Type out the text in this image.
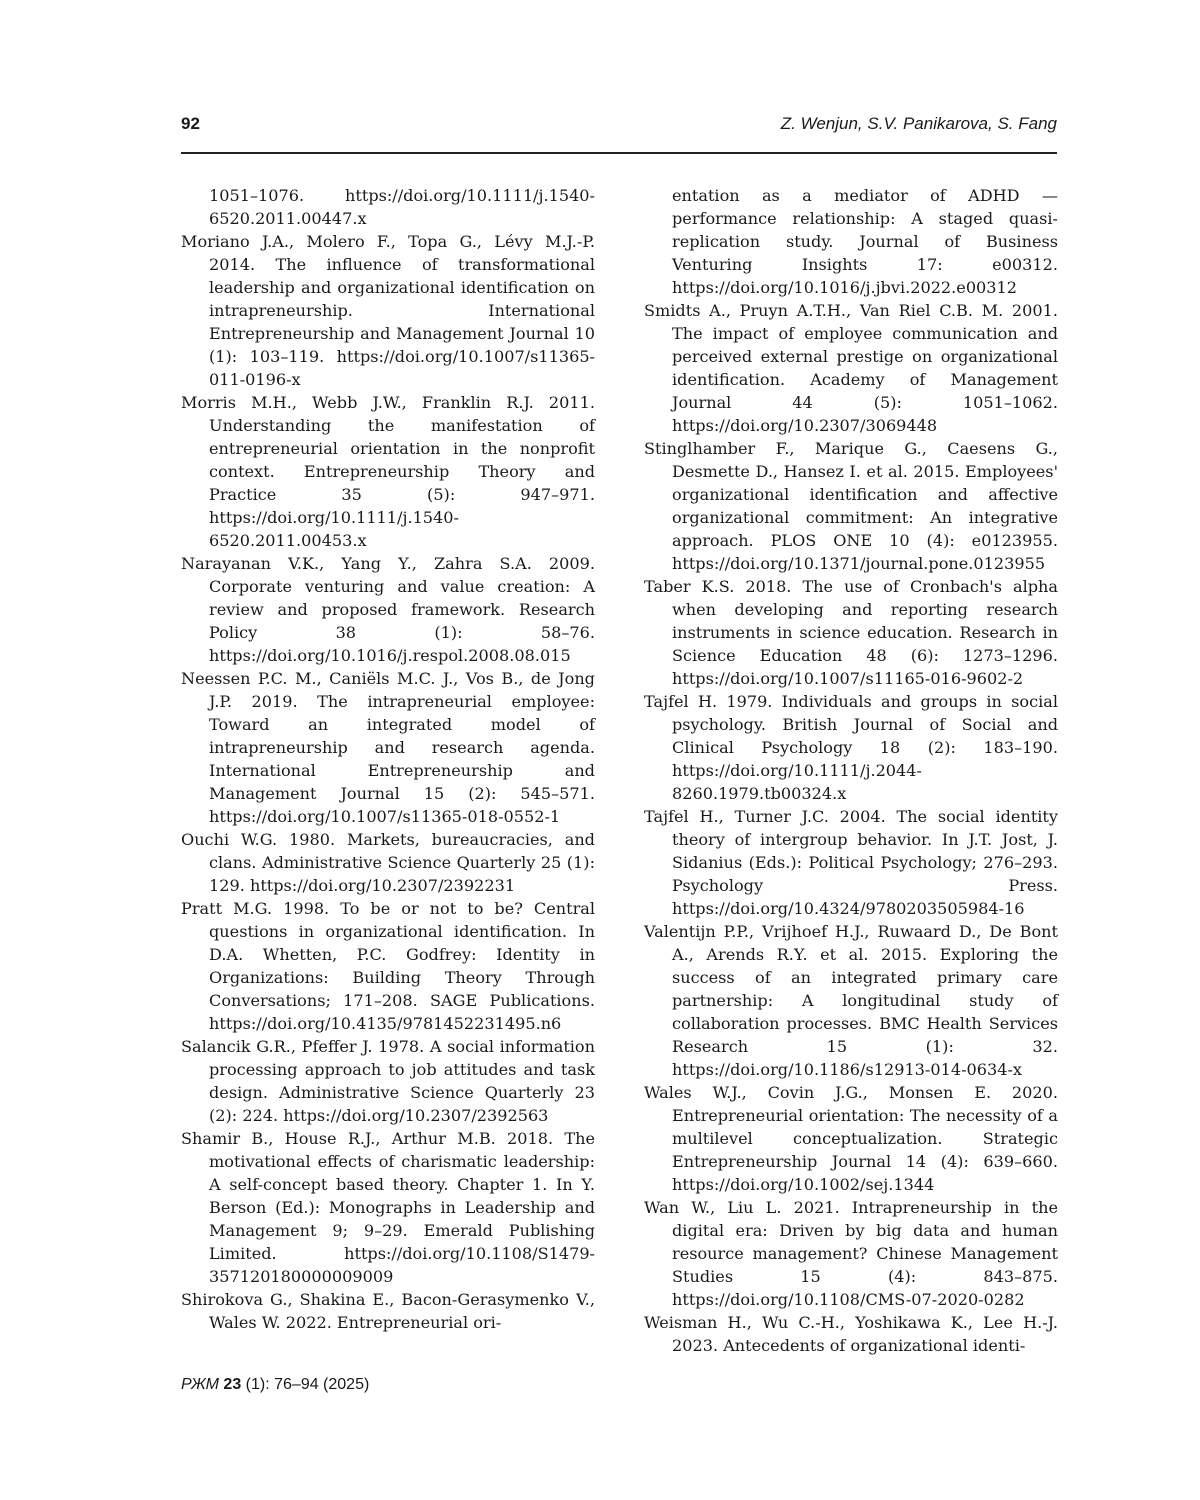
92	Z. Wenjun, S.V. Panikarova, S. Fang

1051–1076. https://doi.org/10.1111/j.1540-6520.2011.00447.x

Moriano J.A., Molero F., Topa G., Lévy M.J.-P. 2014. The influence of transformational leadership and organizational identification on intrapreneurship. International Entrepreneurship and Management Journal 10 (1): 103–119. https://doi.org/10.1007/s11365-011-0196-x

Morris M.H., Webb J.W., Franklin R.J. 2011. Understanding the manifestation of entrepreneurial orientation in the nonprofit context. Entrepreneurship Theory and Practice 35 (5): 947–971. https://doi.org/10.1111/j.1540-6520.2011.00453.x

Narayanan V.K., Yang Y., Zahra S.A. 2009. Corporate venturing and value creation: A review and proposed framework. Research Policy 38 (1): 58–76. https://doi.org/10.1016/j.respol.2008.08.015

Neessen P.C. M., Caniëls M.C. J., Vos B., de Jong J.P. 2019. The intrapreneurial employee: Toward an integrated model of intrapreneurship and research agenda. International Entrepreneurship and Management Journal 15 (2): 545–571. https://doi.org/10.1007/s11365-018-0552-1

Ouchi W.G. 1980. Markets, bureaucracies, and clans. Administrative Science Quarterly 25 (1): 129. https://doi.org/10.2307/2392231

Pratt M.G. 1998. To be or not to be? Central questions in organizational identification. In D.A. Whetten, P.C. Godfrey: Identity in Organizations: Building Theory Through Conversations; 171–208. SAGE Publications. https://doi.org/10.4135/9781452231495.n6

Salancik G.R., Pfeffer J. 1978. A social information processing approach to job attitudes and task design. Administrative Science Quarterly 23 (2): 224. https://doi.org/10.2307/2392563

Shamir B., House R.J., Arthur M.B. 2018. The motivational effects of charismatic leadership: A self-concept based theory. Chapter 1. In Y. Berson (Ed.): Monographs in Leadership and Management 9; 9–29. Emerald Publishing Limited. https://doi.org/10.1108/S1479-357120180000009009

Shirokova G., Shakina E., Bacon-Gerasymenko V., Wales W. 2022. Entrepreneurial ori-

entation as a mediator of ADHD — performance relationship: A staged quasi-replication study. Journal of Business Venturing Insights 17: e00312. https://doi.org/10.1016/j.jbvi.2022.e00312

Smidts A., Pruyn A.T.H., Van Riel C.B. M. 2001. The impact of employee communication and perceived external prestige on organizational identification. Academy of Management Journal 44 (5): 1051–1062. https://doi.org/10.2307/3069448

Stinglhamber F., Marique G., Caesens G., Desmette D., Hansez I. et al. 2015. Employees' organizational identification and affective organizational commitment: An integrative approach. PLOS ONE 10 (4): e0123955. https://doi.org/10.1371/journal.pone.0123955

Taber K.S. 2018. The use of Cronbach's alpha when developing and reporting research instruments in science education. Research in Science Education 48 (6): 1273–1296. https://doi.org/10.1007/s11165-016-9602-2

Tajfel H. 1979. Individuals and groups in social psychology. British Journal of Social and Clinical Psychology 18 (2): 183–190. https://doi.org/10.1111/j.2044-8260.1979.tb00324.x

Tajfel H., Turner J.C. 2004. The social identity theory of intergroup behavior. In J.T. Jost, J. Sidanius (Eds.): Political Psychology; 276–293. Psychology Press. https://doi.org/10.4324/9780203505984-16

Valentijn P.P., Vrijhoef H.J., Ruwaard D., De Bont A., Arends R.Y. et al. 2015. Exploring the success of an integrated primary care partnership: A longitudinal study of collaboration processes. BMC Health Services Research 15 (1): 32. https://doi.org/10.1186/s12913-014-0634-x

Wales W.J., Covin J.G., Monsen E. 2020. Entrepreneurial orientation: The necessity of a multilevel conceptualization. Strategic Entrepreneurship Journal 14 (4): 639–660. https://doi.org/10.1002/sej.1344

Wan W., Liu L. 2021. Intrapreneurship in the digital era: Driven by big data and human resource management? Chinese Management Studies 15 (4): 843–875. https://doi.org/10.1108/CMS-07-2020-0282

Weisman H., Wu C.-H., Yoshikawa K., Lee H.-J. 2023. Antecedents of organizational identi-

РЖМ 23 (1): 76–94 (2025)
